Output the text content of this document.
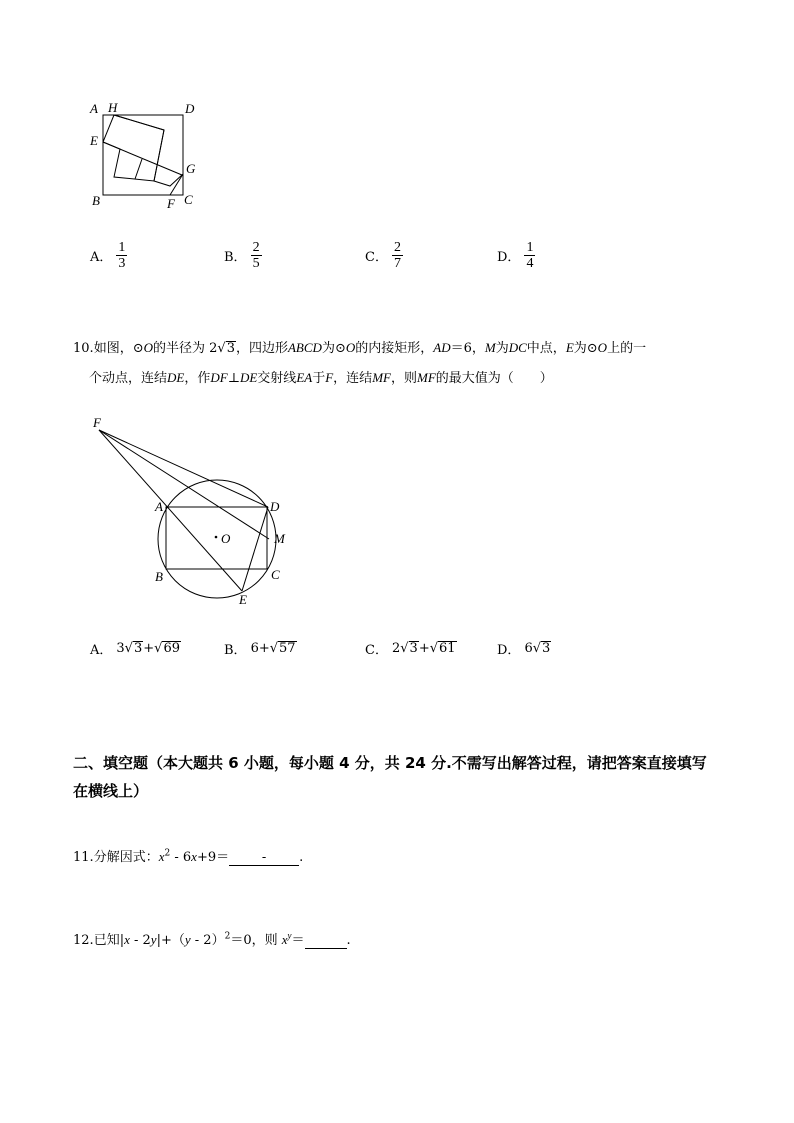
A H	D
E
G
B	F C
A． $\frac{1}{3}$	B． $\frac{2}{5}$	C． $\frac{2}{7}$	D． $\frac{1}{4}$
10.如图，⊙O的半径为 2√3，四边形ABCD为⊙O的内接矩形，AD＝6，M为DC中点，E为⊙O上的一
个动点，连结DE，作DF⊥DE交射线EA于F，连结MF，则MF的最大值为（　　）
F
A	D
O	M
B	C
E
A． 3√3+√69	B． 6+√57	C． 2√3+√61	D． 6√3
二、填空题（本大题共 6 小题，每小题 4 分，共 24 分.不需写出解答过程，请把答案直接填写
在横线上）
11.分解因式：$x^2 - 6x+9=$	-	.
12.已知|x - 2y|+（y - 2）$^2$＝0，则 $x^y=$	.
